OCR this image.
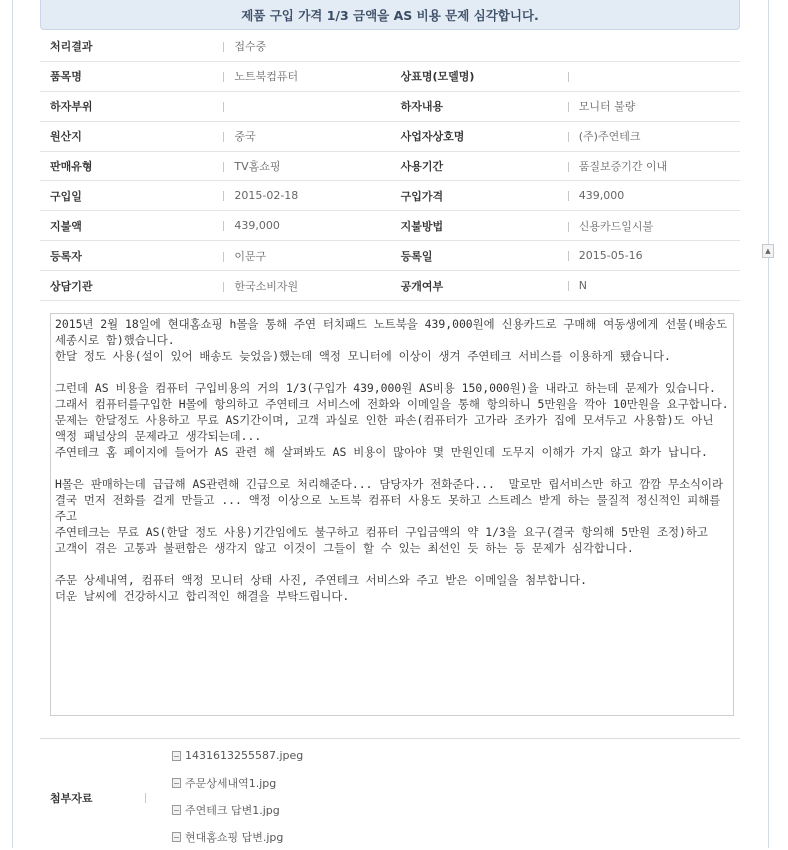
제품 구입 가격 1/3 금액을 AS 비용 문제 심각합니다.
처리결과	접수중		
품목명	노트북컴퓨터	상표명(모델명)	
하자부위		하자내용	모니터 불량
원산지	중국	사업자상호명	(주)주연테크
판매유형	TV홈쇼핑	사용기간	품질보증기간 이내
구입일	2015-02-18	구입가격	439,000
지불액	439,000	지불방법	신용카드일시불
등록자	이문구	등록일	2015-05-16
상담기관	한국소비자원	공개여부	N

2015년 2월 18일에 현대홈쇼핑 h몰을 통해 주연 터치패드 노트북을 439,000원에 신용카드로 구매해 여동생에게 선물(배송도 세종시로 함)했습니다.
한달 정도 사용(설이 있어 배송도 늦었음)했는데 액정 모니터에 이상이 생겨 주연테크 서비스를 이용하게 됐습니다.

그런데 AS 비용을 컴퓨터 구입비용의 거의 1/3(구입가 439,000원 AS비용 150,000원)을 내라고 하는데 문제가 있습니다.
그래서 컴퓨터를구입한 H몰에 항의하고 주연테크 서비스에 전화와 이메일을 통해 항의하니 5만원을 깍아 10만원을 요구합니다.
문제는 한달정도 사용하고 무료 AS기간이며, 고객 과실로 인한 파손(컴퓨터가 고가라 조카가 집에 모셔두고 사용함)도 아닌 액정 패널상의 문제라고 생각되는데...
주연테크 홈 페이지에 들어가 AS 관련 해 살펴봐도 AS 비용이 많아야 몇 만원인데 도무지 이해가 가지 않고 화가 납니다.

H몰은 판매하는데 급급해 AS관련해 긴급으로 처리해준다... 담당자가 전화준다...  말로만 립서비스만 하고 깜깜 무소식이라 결국 먼저 전화를 걸게 만들고 ... 액정 이상으로 노트북 컴퓨터 사용도 못하고 스트레스 받게 하는 물질적 정신적인 피해를 주고
주연테크는 무료 AS(한달 정도 사용)기간임에도 불구하고 컴퓨터 구입금액의 약 1/3을 요구(결국 항의해 5만원 조정)하고 고객이 겪은 고통과 불편함은 생각지 않고 이것이 그들이 할 수 있는 최선인 듯 하는 등 문제가 심각합니다.

주문 상세내역, 컴퓨터 액정 모니터 상태 사진, 주연테크 서비스와 주고 받은 이메일을 첨부합니다.
더운 날씨에 건강하시고 합리적인 해결을 부탁드립니다.

▲
첨부자료
1431613255587.jpeg
주문상세내역1.jpg
주연테크 답변1.jpg
현대홈쇼핑 답변.jpg
